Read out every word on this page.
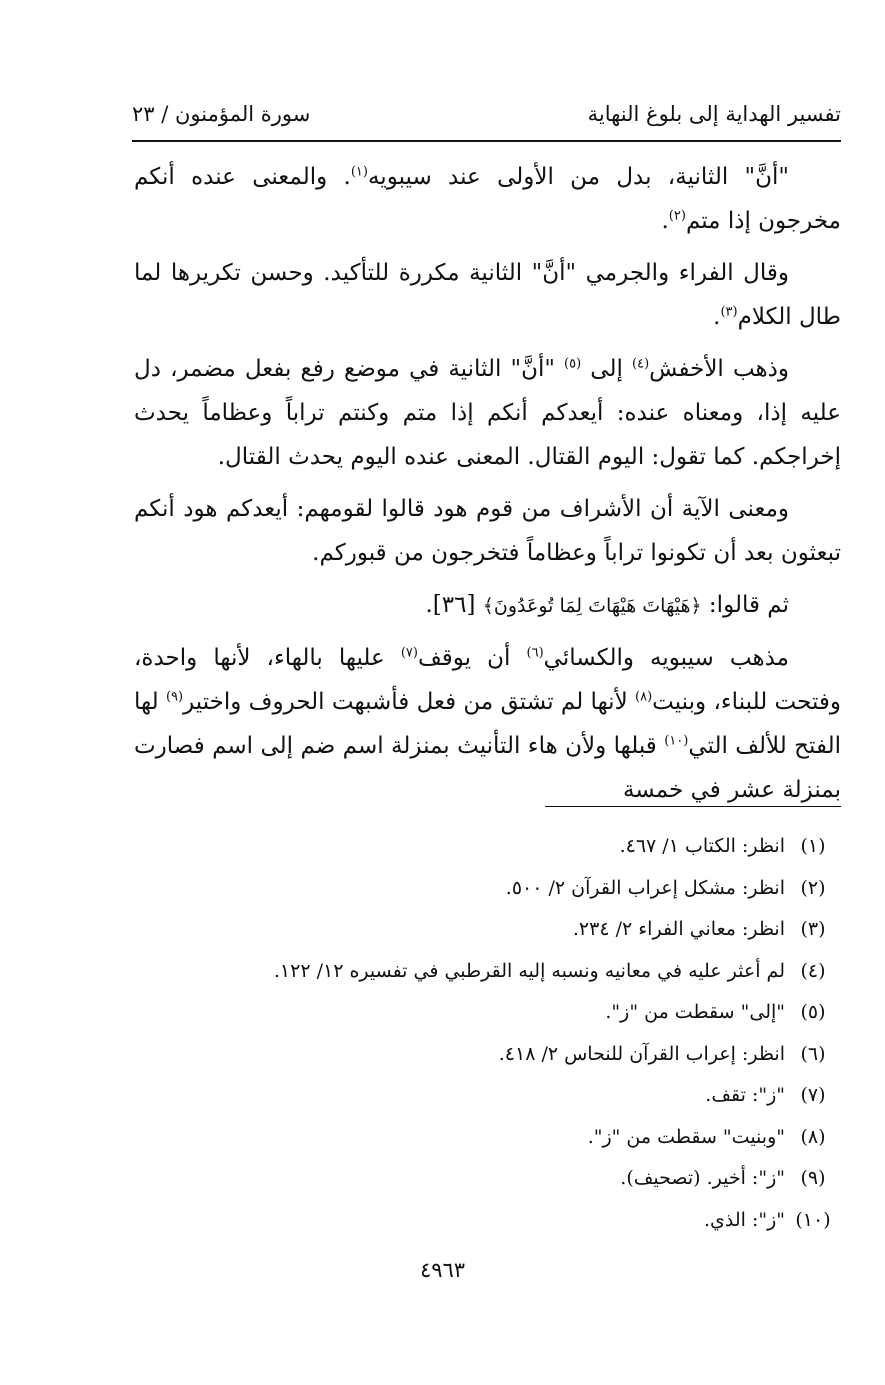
تفسير الهداية إلى بلوغ النهاية
سورة المؤمنون / ٢٣

"أنَّ" الثانية، بدل من الأولى عند سيبويه$^{(١)}$. والمعنى عنده أنكم مخرجون إذا متم$^{(٢)}$.

وقال الفراء والجرمي "أنَّ" الثانية مكررة للتأكيد. وحسن تكريرها لما طال الكلام$^{(٣)}$.

وذهب الأخفش$^{(٤)}$ إلى $^{(٥)}$ "أنَّ" الثانية في موضع رفع بفعل مضمر، دل عليه إذا، ومعناه عنده: أيعدكم أنكم إذا متم وكنتم تراباً وعظاماً يحدث إخراجكم. كما تقول: اليوم القتال. المعنى عنده اليوم يحدث القتال.

ومعنى الآية أن الأشراف من قوم هود قالوا لقومهم: أيعدكم هود أنكم تبعثون بعد أن تكونوا تراباً وعظاماً فتخرجون من قبوركم.

ثم قالوا: ﴿هَيْهَاتَ هَيْهَاتَ لِمَا تُوعَدُونَ﴾ [٣٦].

مذهب سيبويه والكسائي$^{(٦)}$ أن يوقف$^{(٧)}$ عليها بالهاء، لأنها واحدة، وفتحت للبناء، وبنيت$^{(٨)}$ لأنها لم تشتق من فعل فأشبهت الحروف واختير$^{(٩)}$ لها الفتح للألف التي$^{(١٠)}$ قبلها ولأن هاء التأنيث بمنزلة اسم ضم إلى اسم فصارت بمنزلة عشر في خمسة

(١)
انظر: الكتاب ١/ ٤٦٧.
(٢)
انظر: مشكل إعراب القرآن ٢/ ٥٠٠.
(٣)
انظر: معاني الفراء ٢/ ٢٣٤.
(٤)
لم أعثر عليه في معانيه ونسبه إليه القرطبي في تفسيره ١٢/ ١٢٢.
(٥)
"إلى" سقطت من "ز".
(٦)
انظر: إعراب القرآن للنحاس ٢/ ٤١٨.
(٧)
"ز": تقف.
(٨)
"وبنيت" سقطت من "ز".
(٩)
"ز": أخير. (تصحيف).
(١٠)
"ز": الذي.
٤٩٦٣
